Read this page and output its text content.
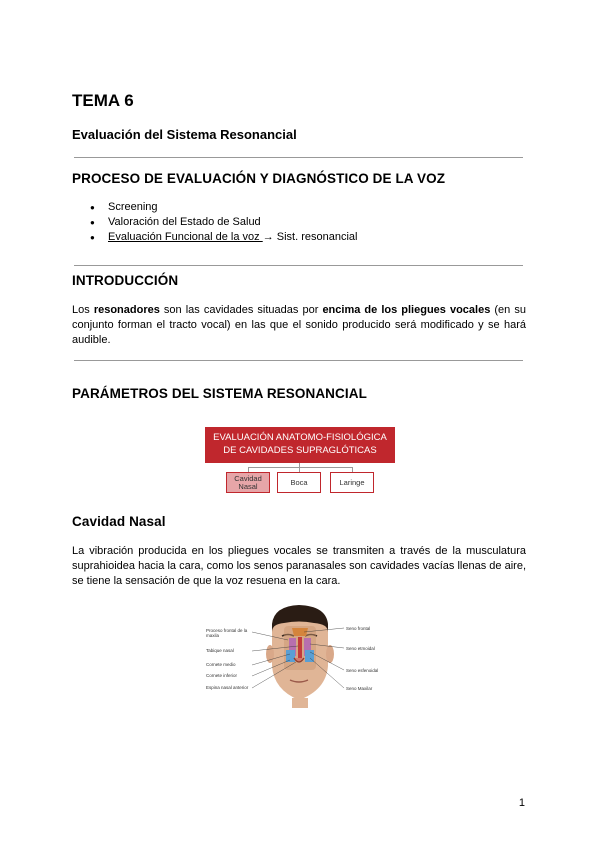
TEMA 6
Evaluación del Sistema Resonancial
PROCESO DE EVALUACIÓN Y DIAGNÓSTICO DE LA VOZ
● Screening
● Valoración del Estado de Salud
● Evaluación Funcional de la voz → Sist. resonancial
INTRODUCCIÓN
Los resonadores son las cavidades situadas por encima de los pliegues vocales (en su conjunto forman el tracto vocal) en las que el sonido producido será modificado y se hará audible.
PARÁMETROS DEL SISTEMA RESONANCIAL
EVALUACIÓN ANATOMO-FISIOLÓGICA
DE CAVIDADES SUPRAGLÓTICAS
Cavidad
Nasal	Boca	Laringe
Cavidad Nasal
La vibración producida en los pliegues vocales se transmiten a través de la musculatura suprahioidea hacia la cara, como los senos paranasales son cavidades vacías llenas de aire, se tiene la sensación de que la voz resuena en la cara.
Proceso frontal de la maxila
Tabique nasal
Cornete medio
Cornete inferior
Espina nasal anterior
Seno frontal
Seno etmoidal
Seno esfenoidal
Seno Maxilar
1
